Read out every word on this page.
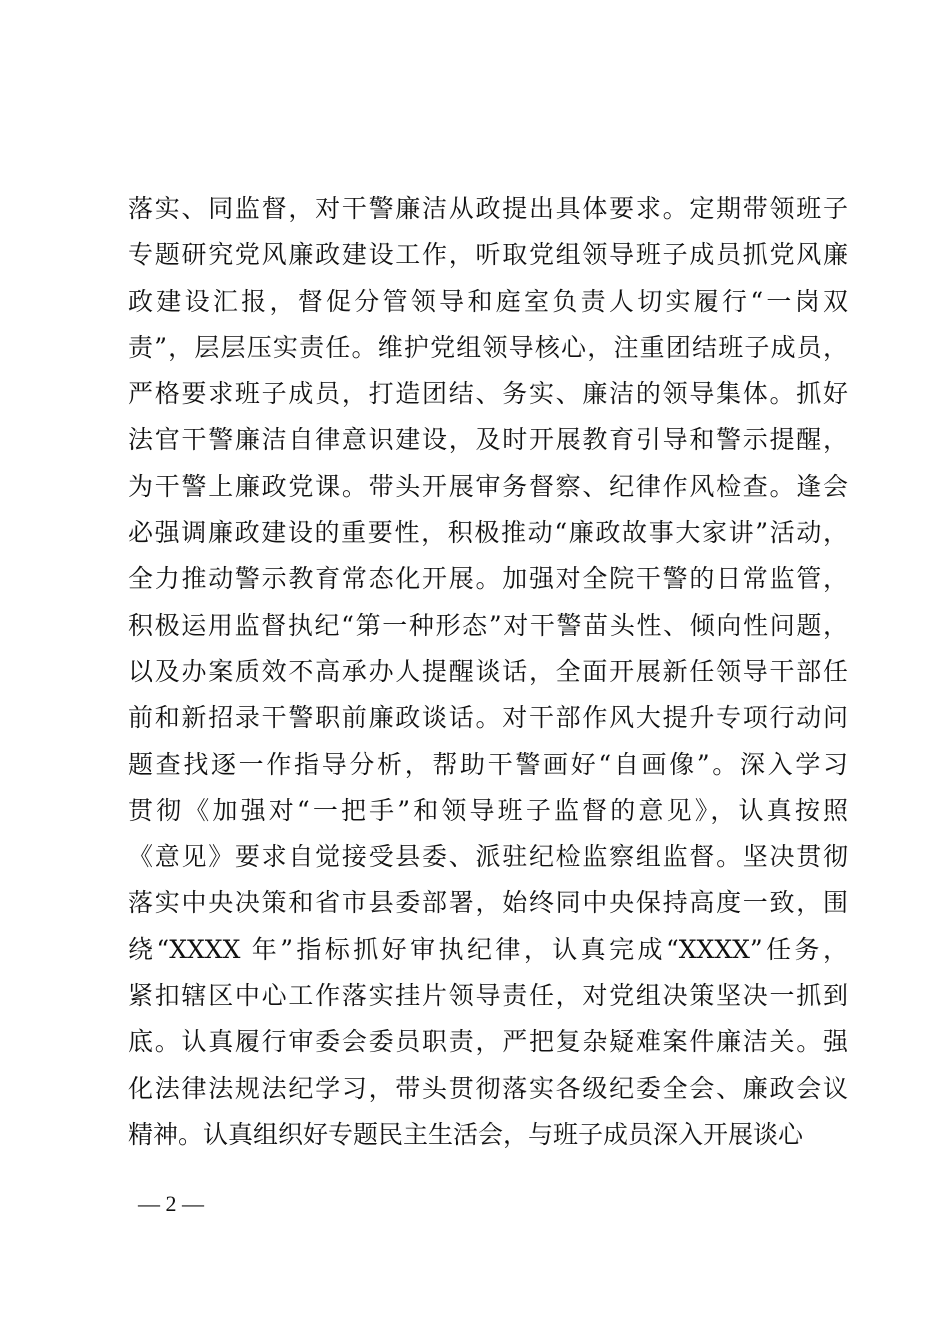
落实、同监督，对干警廉洁从政提出具体要求。定期带领班子
专题研究党风廉政建设工作，听取党组领导班子成员抓党风廉
政建设汇报，督促分管领导和庭室负责人切实履行“一岗双
责”，层层压实责任。维护党组领导核心，注重团结班子成员，
严格要求班子成员，打造团结、务实、廉洁的领导集体。抓好
法官干警廉洁自律意识建设，及时开展教育引导和警示提醒，
为干警上廉政党课。带头开展审务督察、纪律作风检查。逢会
必强调廉政建设的重要性，积极推动“廉政故事大家讲”活动，
全力推动警示教育常态化开展。加强对全院干警的日常监管，
积极运用监督执纪“第一种形态”对干警苗头性、倾向性问题，
以及办案质效不高承办人提醒谈话，全面开展新任领导干部任
前和新招录干警职前廉政谈话。对干部作风大提升专项行动问
题查找逐一作指导分析，帮助干警画好“自画像”。深入学习
贯彻《加强对“一把手”和领导班子监督的意见》，认真按照
《意见》要求自觉接受县委、派驻纪检监察组监督。坚决贯彻
落实中央决策和省市县委部署，始终同中央保持高度一致，围
绕“XXXX 年”指标抓好审执纪律，认真完成“XXXX”任务，
紧扣辖区中心工作落实挂片领导责任，对党组决策坚决一抓到
底。认真履行审委会委员职责，严把复杂疑难案件廉洁关。强
化法律法规法纪学习，带头贯彻落实各级纪委全会、廉政会议
精神。认真组织好专题民主生活会，与班子成员深入开展谈心
— 2 —
